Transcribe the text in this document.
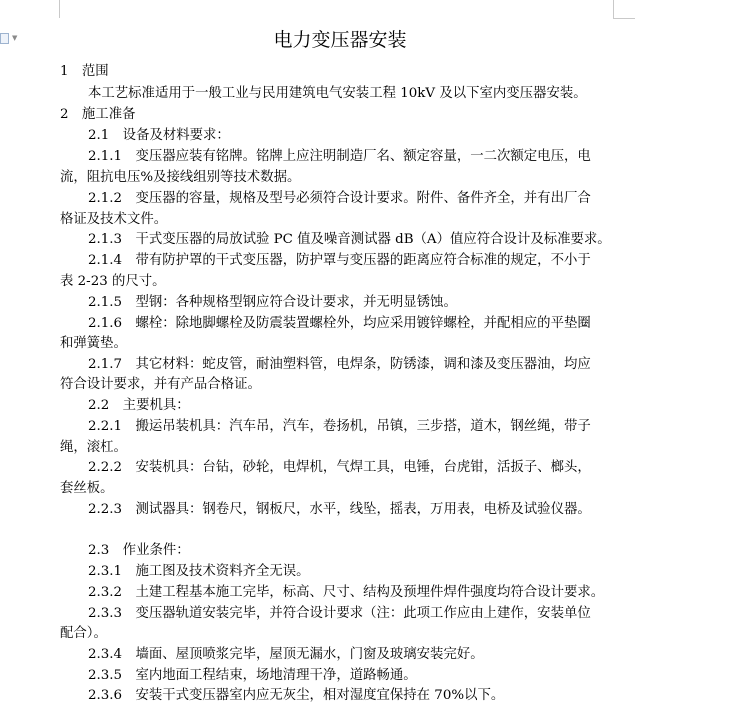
▼	电力变压器安装
1　范围
本工艺标准适用于一般工业与民用建筑电气安装工程 10kV 及以下室内变压器安装。
2　施工准备
2.1　设备及材料要求：
2.1.1　变压器应装有铭牌。铭牌上应注明制造厂名、额定容量，一二次额定电压，电
流，阻抗电压%及接线组别等技术数据。
2.1.2　变压器的容量，规格及型号必须符合设计要求。附件、备件齐全，并有出厂合
格证及技术文件。
2.1.3　干式变压器的局放试验 PC 值及噪音测试器 dB（A）值应符合设计及标准要求。
2.1.4　带有防护罩的干式变压器，防护罩与变压器的距离应符合标准的规定，不小于
表 2-23 的尺寸。
2.1.5　型钢：各种规格型钢应符合设计要求，并无明显锈蚀。
2.1.6　螺栓：除地脚螺栓及防震装置螺栓外，均应采用镀锌螺栓，并配相应的平垫圈
和弹簧垫。
2.1.7　其它材料：蛇皮管，耐油塑料管，电焊条，防锈漆，调和漆及变压器油，均应
符合设计要求，并有产品合格证。
2.2　主要机具：
2.2.1　搬运吊装机具：汽车吊，汽车，卷扬机，吊镇，三步搭，道木，钢丝绳，带子
绳，滚杠。
2.2.2　安装机具：台钻，砂轮，电焊机，气焊工具，电锤，台虎钳，活扳子、榔头，
套丝板。
2.2.3　测试器具：钢卷尺，钢板尺，水平，线坠，摇表，万用表，电桥及试验仪器。
2.3　作业条件：
2.3.1　施工图及技术资料齐全无误。
2.3.2　土建工程基本施工完毕，标高、尺寸、结构及预埋件焊件强度均符合设计要求。
2.3.3　变压器轨道安装完毕，并符合设计要求（注：此项工作应由上建作，安装单位
配合）。
2.3.4　墙面、屋顶喷浆完毕，屋顶无漏水，门窗及玻璃安装完好。
2.3.5　室内地面工程结束，场地清理干净，道路畅通。
2.3.6　安装干式变压器室内应无灰尘，相对湿度宜保持在 70%以下。
